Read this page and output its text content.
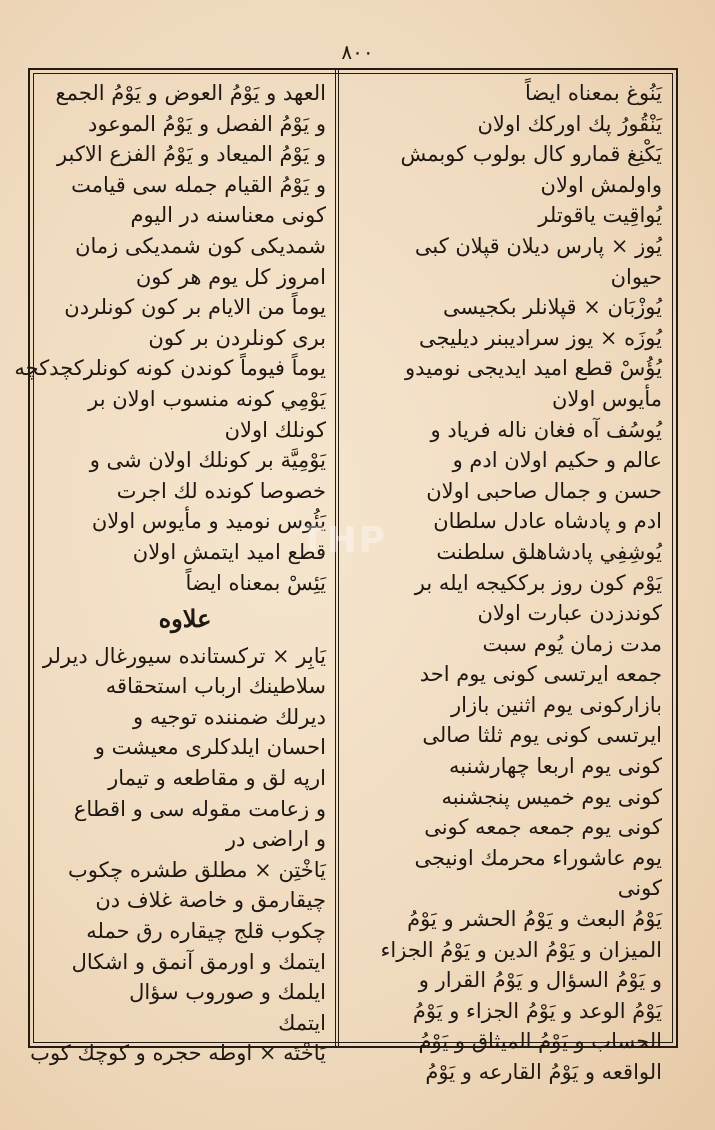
۸۰۰
يَنُوغ بمعناه ايضاً
يَنْقُورُ پك اوركك اولان
يَكْنِغ قمارو كال بولوب كوبمش
واولمش اولان
يُواقِيت ياقوتلر
يُوز × پارس ديلان قپلان كبى
حيوان
يُوزْبَان × قپلانلر بكجيسى
يُوزَه × يوز سراديبنر ديليجى
يُؤُسْ قطع اميد ايديجى نوميدو
مأيوس اولان
يُوسُف آه فغان ناله فرياد و
عالم و حكيم اولان ادم و
حسن و جمال صاحبى اولان
ادم و پادشاه عادل سلطان
يُوشِفِي پادشاهلق سلطنت
يَوْم كون روز برككيجه ايله بر
كوندزدن عبارت اولان
مدت زمان يُوم سبت
جمعه ايرتسى كونى يوم احد
بازاركونى يوم اثنين بازار
ايرتسى كونى يوم ثلثا صالى
كونى يوم اربعا چهارشنبه
كونى يوم خميس پنجشنبه
كونى يوم جمعه جمعه كونى
يوم عاشوراء محرمك اونيجى
كونى
يَوْمُ البعث و يَوْمُ الحشر و يَوْمُ
الميزان و يَوْمُ الدين و يَوْمُ الجزاء
و يَوْمُ السؤال و يَوْمُ القرار و
يَوْمُ الوعد و يَوْمُ الجزاء و يَوْمُ
الحساب و يَوْمُ الميثاق و يَوْمُ
الواقعه و يَوْمُ القارعه و يَوْمُ
العهد و يَوْمُ العوض و يَوْمُ الجمع
و يَوْمُ الفصل و يَوْمُ الموعود
و يَوْمُ الميعاد و يَوْمُ الفزع الاكبر
و يَوْمُ القيام جمله سى قيامت
كونى معناسنه در اليوم
شمديكى كون شمديكى زمان
امروز كل يوم هر كون
يوماً من الايام بر كون كونلردن
برى كونلردن بر كون
يوماً فيوماً كوندن كونه كونلركچدكچه
يَوْمِي كونه منسوب اولان بر
كونلك اولان
يَوْمِيَّة بر كونلك اولان شى و
خصوصا كونده لك اجرت
يَئُوس نوميد و مأيوس اولان
قطع اميد ايتمش اولان
يَئِسْ بمعناه ايضاً
علاوه
يَابِر × تركستانده سيورغال ديرلر
سلاطينك ارباب استحقاقه
ديرلك ضمننده توجيه و
احسان ايلدكلرى معيشت و
ارپه لق و مقاطعه و تيمار
و زعامت مقوله سى و اقطاع
و اراضى در
يَاخْتِن × مطلق طشره چكوب
چيقارمق و خاصة غلاف دن
چكوب قلج چيقاره رق حمله
ايتمك و اورمق آنمق و اشكال
ايلمك و صوروب سؤال
ايتمك
يَاخْتَه × اوطه حجره و كوچك كوب
THP
